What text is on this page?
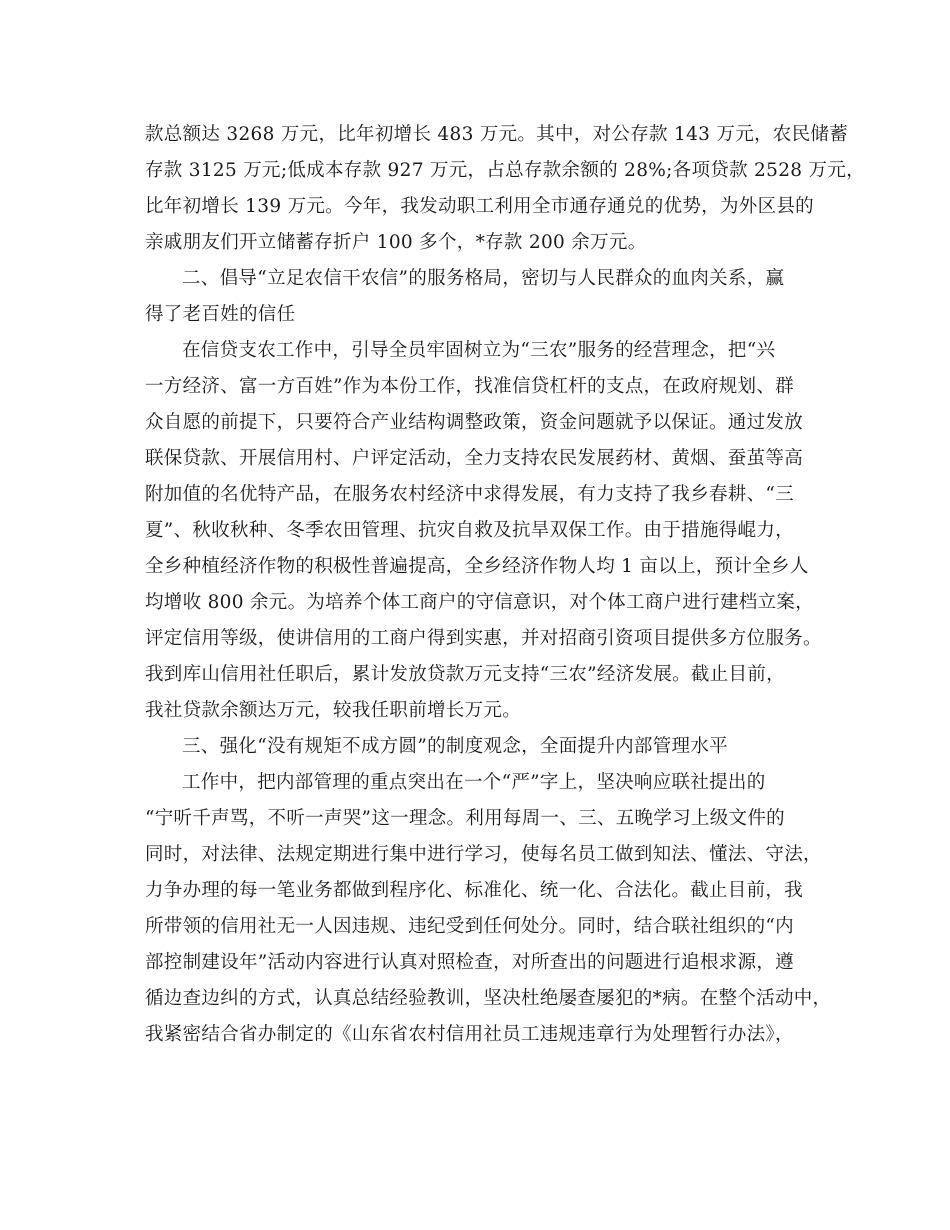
款总额达 3268 万元，比年初增长 483 万元。其中，对公存款 143 万元，农民储蓄
存款 3125 万元;低成本存款 927 万元，占总存款余额的 28%;各项贷款 2528 万元，
比年初增长 139 万元。今年，我发动职工利用全市通存通兑的优势，为外区县的
亲戚朋友们开立储蓄存折户 100 多个，*存款 200 余万元。
二、倡导“立足农信干农信”的服务格局，密切与人民群众的血肉关系，赢
得了老百姓的信任
在信贷支农工作中，引导全员牢固树立为“三农”服务的经营理念，把“兴
一方经济、富一方百姓”作为本份工作，找准信贷杠杆的支点，在政府规划、群
众自愿的前提下，只要符合产业结构调整政策，资金问题就予以保证。通过发放
联保贷款、开展信用村、户评定活动，全力支持农民发展药材、黄烟、蚕茧等高
附加值的名优特产品，在服务农村经济中求得发展，有力支持了我乡春耕、“三
夏”、秋收秋种、冬季农田管理、抗灾自救及抗旱双保工作。由于措施得崐力，
全乡种植经济作物的积极性普遍提高，全乡经济作物人均 1 亩以上，预计全乡人
均增收 800 余元。为培养个体工商户的守信意识，对个体工商户进行建档立案，
评定信用等级，使讲信用的工商户得到实惠，并对招商引资项目提供多方位服务。
我到库山信用社任职后，累计发放贷款万元支持“三农”经济发展。截止目前，
我社贷款余额达万元，较我任职前增长万元。
三、强化“没有规矩不成方圆”的制度观念，全面提升内部管理水平
工作中，把内部管理的重点突出在一个“严”字上，坚决响应联社提出的
“宁听千声骂，不听一声哭”这一理念。利用每周一、三、五晚学习上级文件的
同时，对法律、法规定期进行集中进行学习，使每名员工做到知法、懂法、守法，
力争办理的每一笔业务都做到程序化、标准化、统一化、合法化。截止目前，我
所带领的信用社无一人因违规、违纪受到任何处分。同时，结合联社组织的“内
部控制建设年”活动内容进行认真对照检查，对所查出的问题进行追根求源，遵
循边查边纠的方式，认真总结经验教训，坚决杜绝屡查屡犯的*病。在整个活动中，
我紧密结合省办制定的《山东省农村信用社员工违规违章行为处理暂行办法》，
